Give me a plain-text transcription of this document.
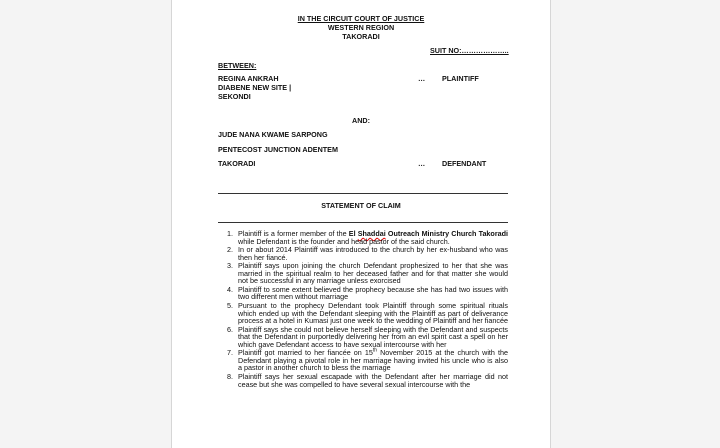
IN THE CIRCUIT COURT OF JUSTICE
WESTERN REGION
TAKORADI
SUIT NO:………………..
BETWEEN:
REGINA ANKRAH	… PLAINTIFF
DIABENE NEW SITE |
SEKONDI
AND:
JUDE NANA KWAME SARPONG
PENTECOST JUNCTION ADENTEM
TAKORADI	… DEFENDANT
STATEMENT OF CLAIM
1. Plaintiff is a former member of the El Shaddai Outreach Ministry Church Takoradi while Defendant is the founder and head pastor of the said church.
2. In or about 2014 Plaintiff was introduced to the church by her ex-husband who was then her fiancé.
3. Plaintiff says upon joining the church Defendant prophesized to her that she was married in the spiritual realm to her deceased father and for that matter she would not be successful in any marriage unless exorcised
4. Plaintiff to some extent believed the prophecy because she has had two issues with two different men without marriage
5. Pursuant to the prophecy Defendant took Plaintiff through some spiritual rituals which ended up with the Defendant sleeping with the Plaintiff as part of deliverance process at a hotel in Kumasi just one week to the wedding of Plaintiff and her fiancée
6. Plaintiff says she could not believe herself sleeping with the Defendant and suspects that the Defendant in purportedly delivering her from an evil spirit cast a spell on her which gave Defendant access to have sexual intercourse with her
7. Plaintiff got married to her fiancée on 15th November 2015 at the church with the Defendant playing a pivotal role in her marriage having invited his uncle who is also a pastor in another church to bless the marriage
8. Plaintiff says her sexual escapade with the Defendant after her marriage did not cease but she was compelled to have several sexual intercourse with the
